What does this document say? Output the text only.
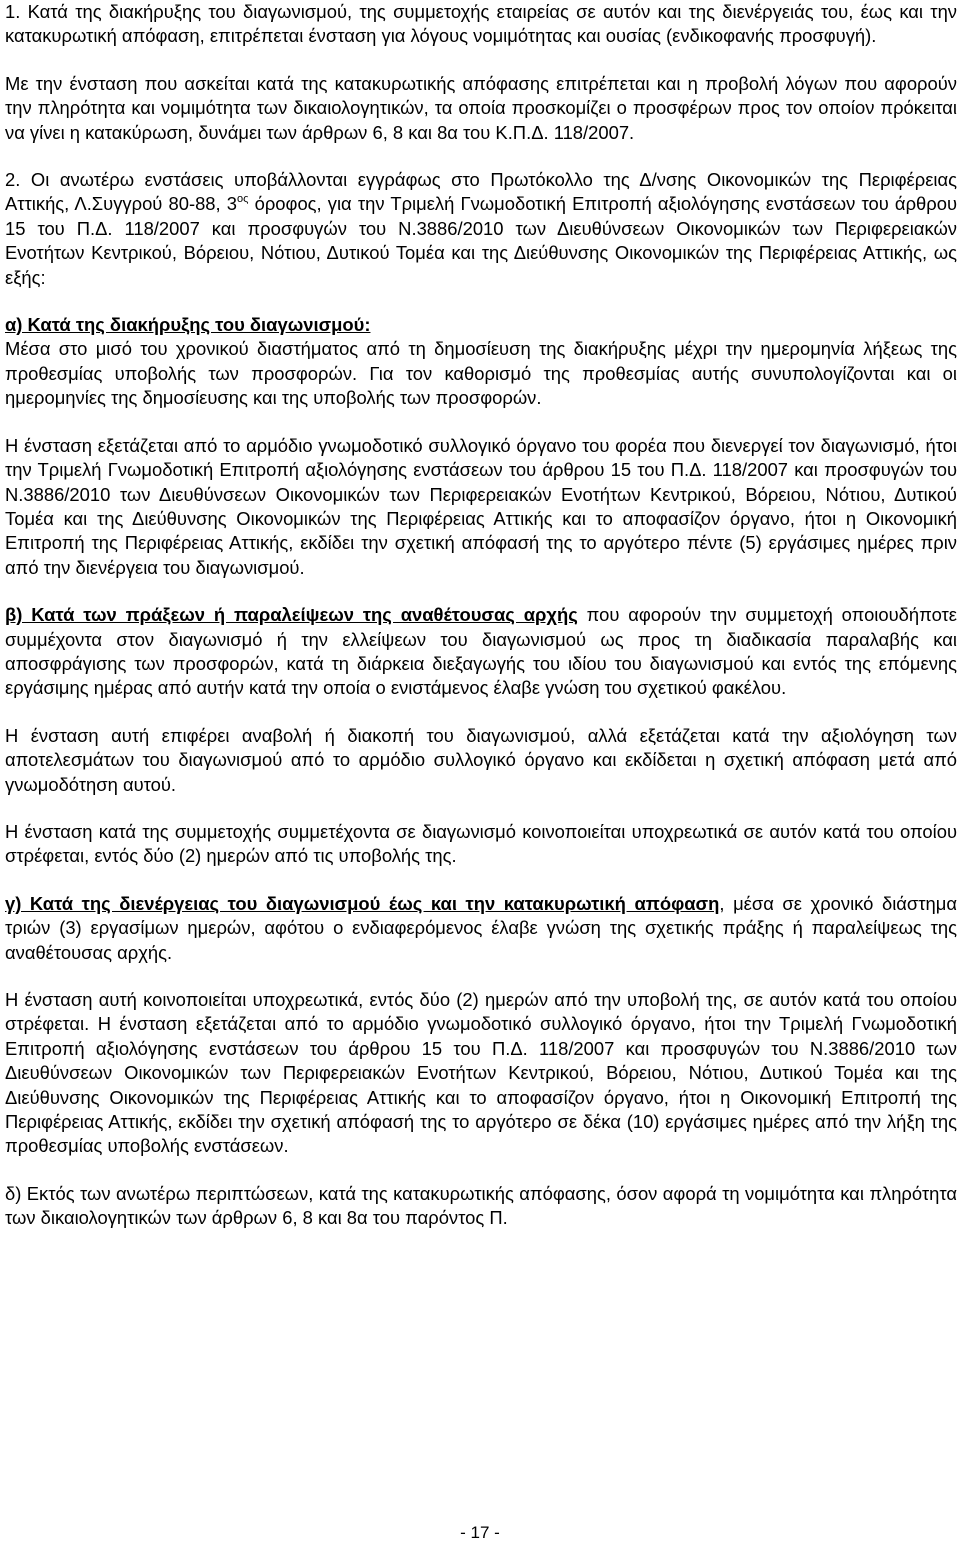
1. Κατά της διακήρυξης του διαγωνισμού, της συμμετοχής εταιρείας σε αυτόν και της διενέργειάς του, έως και την κατακυρωτική απόφαση, επιτρέπεται ένσταση για λόγους νομιμότητας και ουσίας (ενδικοφανής προσφυγή).

Με την ένσταση που ασκείται κατά της κατακυρωτικής απόφασης επιτρέπεται και η προβολή λόγων που αφορούν την πληρότητα και νομιμότητα των δικαιολογητικών, τα οποία προσκομίζει ο προσφέρων προς τον οποίον πρόκειται να γίνει η κατακύρωση, δυνάμει των άρθρων 6, 8 και 8α του Κ.Π.Δ. 118/2007.

2. Οι ανωτέρω ενστάσεις υποβάλλονται εγγράφως στο Πρωτόκολλο της Δ/νσης Οικονομικών της Περιφέρειας Αττικής, Λ.Συγγρού 80-88, $3^{o\varsigma}$ όροφος, για την Τριμελή Γνωμοδοτική Επιτροπή αξιολόγησης ενστάσεων του άρθρου 15 του Π.Δ. 118/2007 και προσφυγών του Ν.3886/2010 των Διευθύνσεων Οικονομικών των Περιφερειακών Ενοτήτων Κεντρικού, Βόρειου, Νότιου, Δυτικού Τομέα και της Διεύθυνσης Οικονομικών της Περιφέρειας Αττικής, ως εξής:

α) Κατά της διακήρυξης του διαγωνισμού:

Μέσα στο μισό του χρονικού διαστήματος από τη δημοσίευση της διακήρυξης μέχρι την ημερομηνία λήξεως της προθεσμίας υποβολής των προσφορών. Για τον καθορισμό της προθεσμίας αυτής συνυπολογίζονται και οι ημερομηνίες της δημοσίευσης και της υποβολής των προσφορών.

Η ένσταση εξετάζεται από το αρμόδιο γνωμοδοτικό συλλογικό όργανο του φορέα που διενεργεί τον διαγωνισμό, ήτοι την Τριμελή Γνωμοδοτική Επιτροπή αξιολόγησης ενστάσεων του άρθρου 15 του Π.Δ. 118/2007 και προσφυγών του Ν.3886/2010 των Διευθύνσεων Οικονομικών των Περιφερειακών Ενοτήτων Κεντρικού, Βόρειου, Νότιου, Δυτικού Τομέα και της Διεύθυνσης Οικονομικών της Περιφέρειας Αττικής και το αποφασίζον όργανο, ήτοι η Οικονομική Επιτροπή της Περιφέρειας Αττικής, εκδίδει την σχετική απόφασή της το αργότερο πέντε (5) εργάσιμες ημέρες πριν από την διενέργεια του διαγωνισμού.

β) Κατά των πράξεων ή παραλείψεων της αναθέτουσας αρχής που αφορούν την συμμετοχή οποιουδήποτε συμμέχοντα στον διαγωνισμό ή την ελλείψεων του διαγωνισμού ως προς τη διαδικασία παραλαβής και αποσφράγισης των προσφορών, κατά τη διάρκεια διεξαγωγής του ιδίου του διαγωνισμού και εντός της επόμενης εργάσιμης ημέρας από αυτήν κατά την οποία ο ενιστάμενος έλαβε γνώση του σχετικού φακέλου.

Η ένσταση αυτή επιφέρει αναβολή ή διακοπή του διαγωνισμού, αλλά εξετάζεται κατά την αξιολόγηση των αποτελεσμάτων του διαγωνισμού από το αρμόδιο συλλογικό όργανο και εκδίδεται η σχετική απόφαση μετά από γνωμοδότηση αυτού.

Η ένσταση κατά της συμμετοχής συμμετέχοντα σε διαγωνισμό κοινοποιείται υποχρεωτικά σε αυτόν κατά του οποίου στρέφεται, εντός δύο (2) ημερών από τις υποβολής της.

γ) Κατά της διενέργειας του διαγωνισμού έως και την κατακυρωτική απόφαση, μέσα σε χρονικό διάστημα τριών (3) εργασίμων ημερών, αφότου ο ενδιαφερόμενος έλαβε γνώση της σχετικής πράξης ή παραλείψεως της αναθέτουσας αρχής.

Η ένσταση αυτή κοινοποιείται υποχρεωτικά, εντός δύο (2) ημερών από την υποβολή της, σε αυτόν κατά του οποίου στρέφεται. Η ένσταση εξετάζεται από το αρμόδιο γνωμοδοτικό συλλογικό όργανο, ήτοι την Τριμελή Γνωμοδοτική Επιτροπή αξιολόγησης ενστάσεων του άρθρου 15 του Π.Δ. 118/2007 και προσφυγών του Ν.3886/2010 των Διευθύνσεων Οικονομικών των Περιφερειακών Ενοτήτων Κεντρικού, Βόρειου, Νότιου, Δυτικού Τομέα και της Διεύθυνσης Οικονομικών της Περιφέρειας Αττικής και το αποφασίζον όργανο, ήτοι η Οικονομική Επιτροπή της Περιφέρειας Αττικής, εκδίδει την σχετική απόφασή της το αργότερο σε δέκα (10) εργάσιμες ημέρες από την λήξη της προθεσμίας υποβολής ενστάσεων.

δ) Εκτός των ανωτέρω περιπτώσεων, κατά της κατακυρωτικής απόφασης, όσον αφορά τη νομιμότητα και πληρότητα των δικαιολογητικών των άρθρων 6, 8 και 8α του παρόντος Π.

- 17 -
